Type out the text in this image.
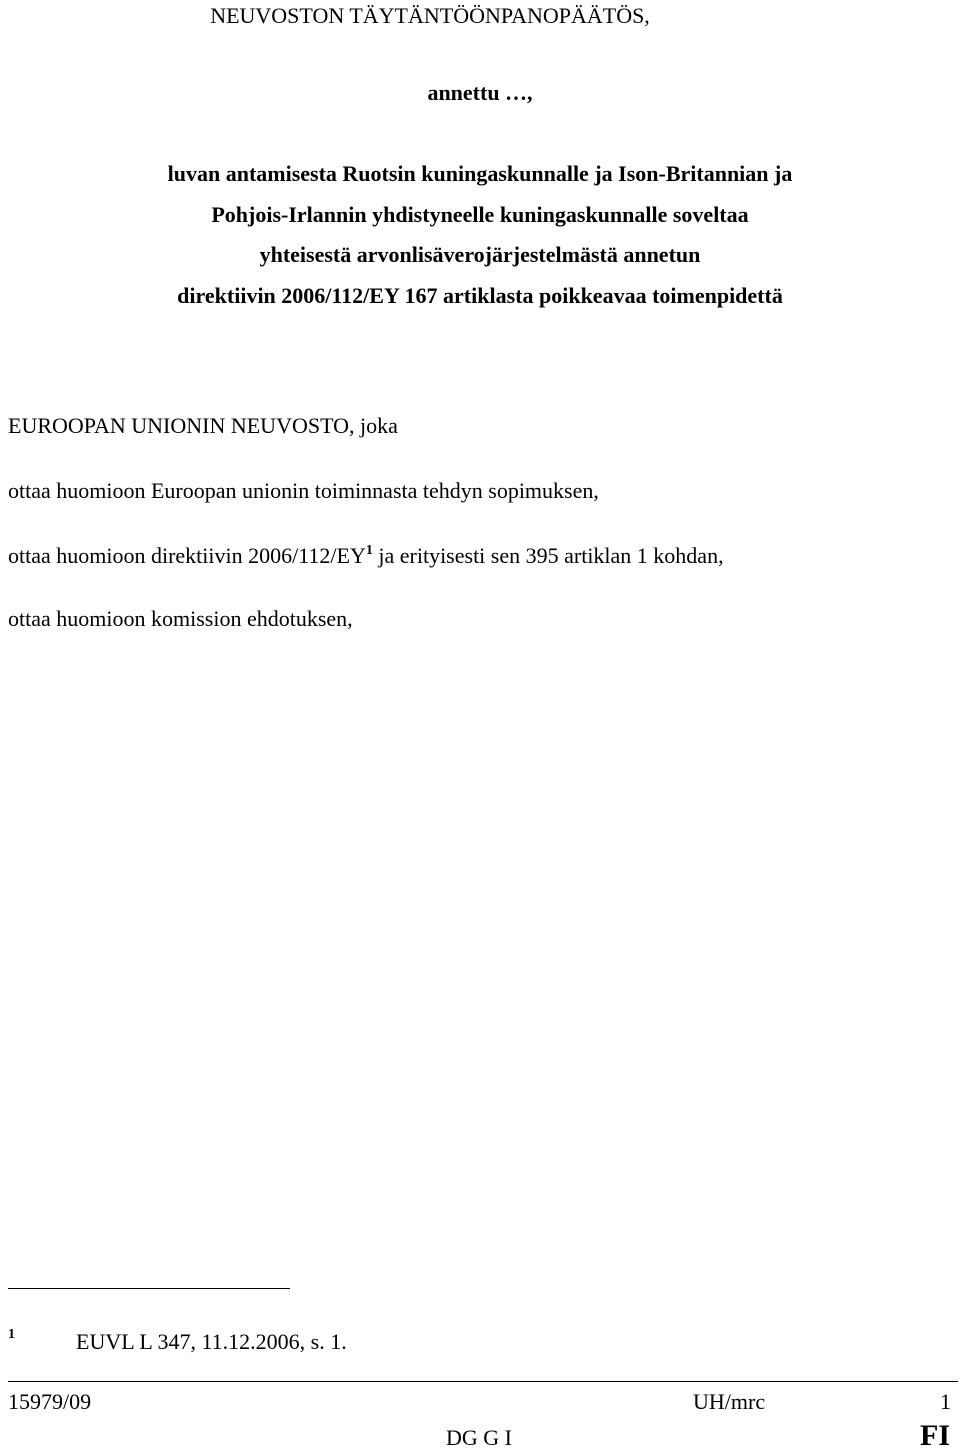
NEUVOSTON TÄYTÄNTÖÖNPANOPÄÄTÖS,
annettu …,
luvan antamisesta Ruotsin kuningaskunnalle ja Ison-Britannian ja
Pohjois-Irlannin yhdistyneelle kuningaskunnalle soveltaa
yhteisestä arvonlisäverojärjestelmästä annetun
direktiivin 2006/112/EY 167 artiklasta poikkeavaa toimenpidettä
EUROOPAN UNIONIN NEUVOSTO, joka
ottaa huomioon Euroopan unionin toiminnasta tehdyn sopimuksen,
ottaa huomioon direktiivin $2006/112/EY^1$ ja erityisesti sen 395 artiklan 1 kohdan,
ottaa huomioon komission ehdotuksen,
1	EUVL L 347, 11.12.2006, s. 1.
15979/09	UH/mrc	1
DG G I	FI
